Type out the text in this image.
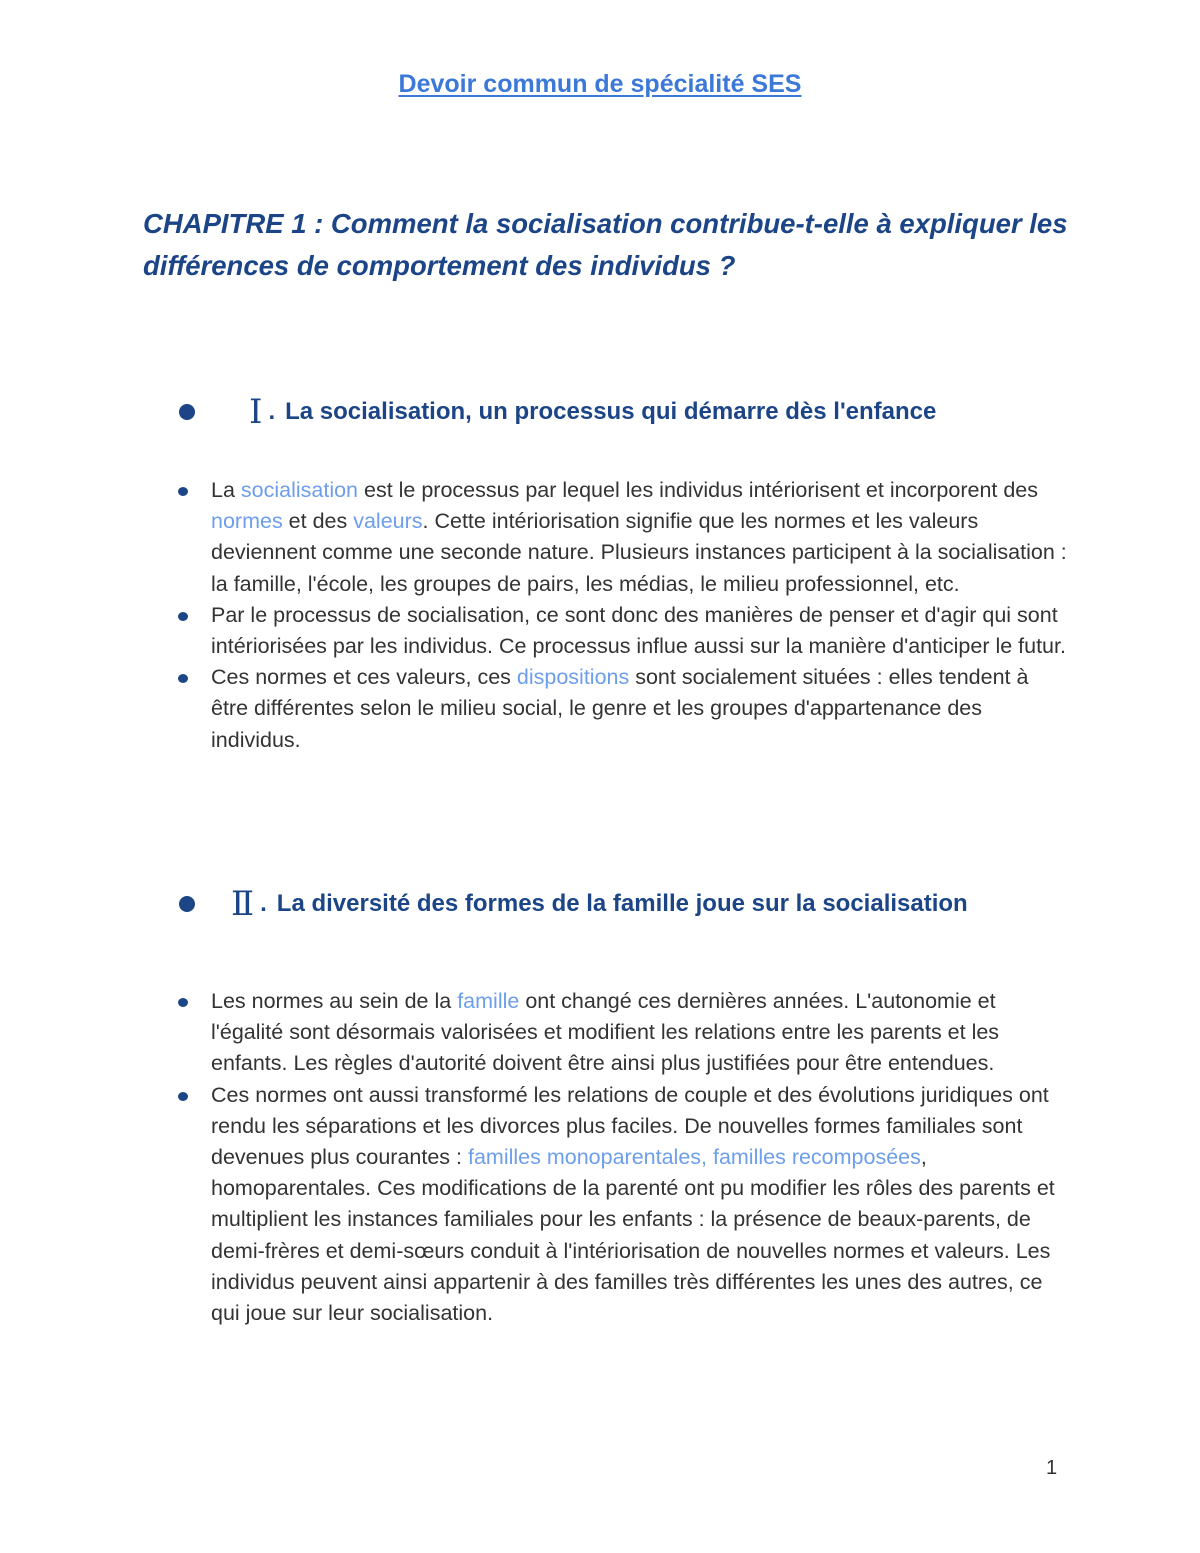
Devoir commun de spécialité SES
CHAPITRE 1 : Comment la socialisation contribue-t-elle à expliquer les différences de comportement des individus ?
Ⅰ . La socialisation, un processus qui démarre dès l'enfance
La socialisation est le processus par lequel les individus intériorisent et incorporent des normes et des valeurs. Cette intériorisation signifie que les normes et les valeurs deviennent comme une seconde nature. Plusieurs instances participent à la socialisation : la famille, l'école, les groupes de pairs, les médias, le milieu professionnel, etc.
Par le processus de socialisation, ce sont donc des manières de penser et d'agir qui sont intériorisées par les individus. Ce processus influe aussi sur la manière d'anticiper le futur.
Ces normes et ces valeurs, ces dispositions sont socialement situées : elles tendent à être différentes selon le milieu social, le genre et les groupes d'appartenance des individus.
Ⅱ . La diversité des formes de la famille joue sur la socialisation
Les normes au sein de la famille ont changé ces dernières années. L'autonomie et l'égalité sont désormais valorisées et modifient les relations entre les parents et les enfants. Les règles d'autorité doivent être ainsi plus justifiées pour être entendues.
Ces normes ont aussi transformé les relations de couple et des évolutions juridiques ont rendu les séparations et les divorces plus faciles. De nouvelles formes familiales sont devenues plus courantes : familles monoparentales, familles recomposées, homoparentales. Ces modifications de la parenté ont pu modifier les rôles des parents et multiplient les instances familiales pour les enfants : la présence de beaux-parents, de demi-frères et demi-sœurs conduit à l'intériorisation de nouvelles normes et valeurs. Les individus peuvent ainsi appartenir à des familles très différentes les unes des autres, ce qui joue sur leur socialisation.
1
